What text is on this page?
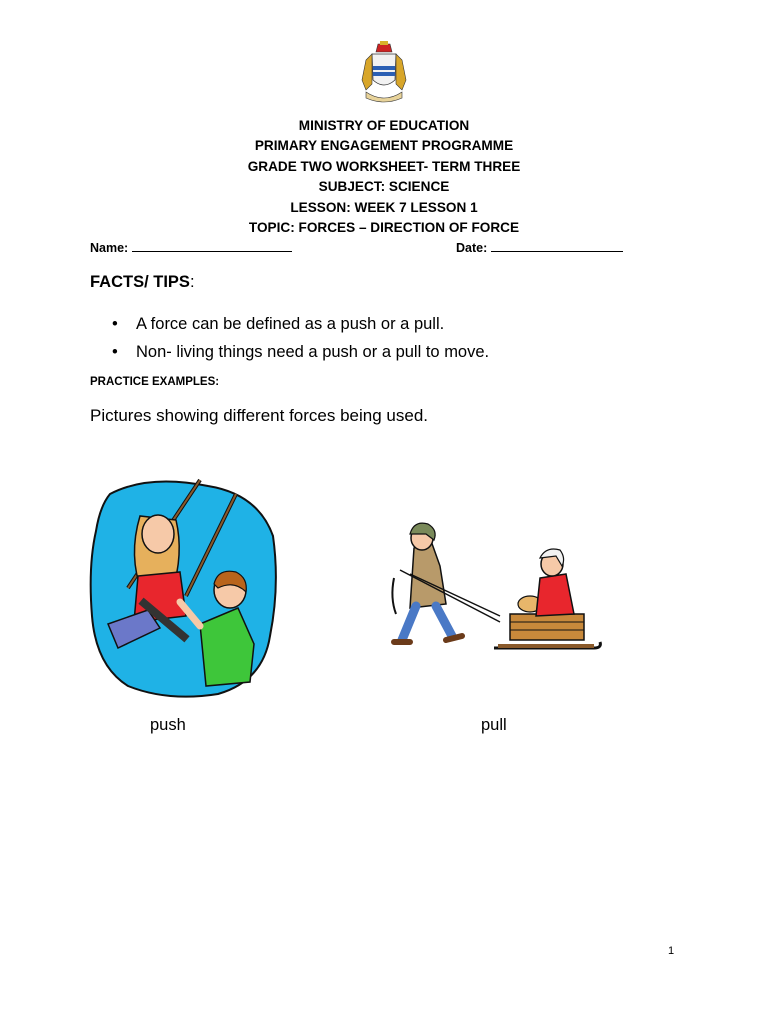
MINISTRY OF EDUCATION
PRIMARY ENGAGEMENT PROGRAMME
GRADE TWO WORKSHEET- TERM THREE
SUBJECT: SCIENCE
LESSON: WEEK 7 LESSON 1
TOPIC: FORCES – DIRECTION OF FORCE
Name:	Date:
FACTS/ TIPS:
• A force can be defined as a push or a pull.
• Non- living things need a push or a pull to move.
PRACTICE EXAMPLES:
Pictures showing different forces being used.
push	pull
1
